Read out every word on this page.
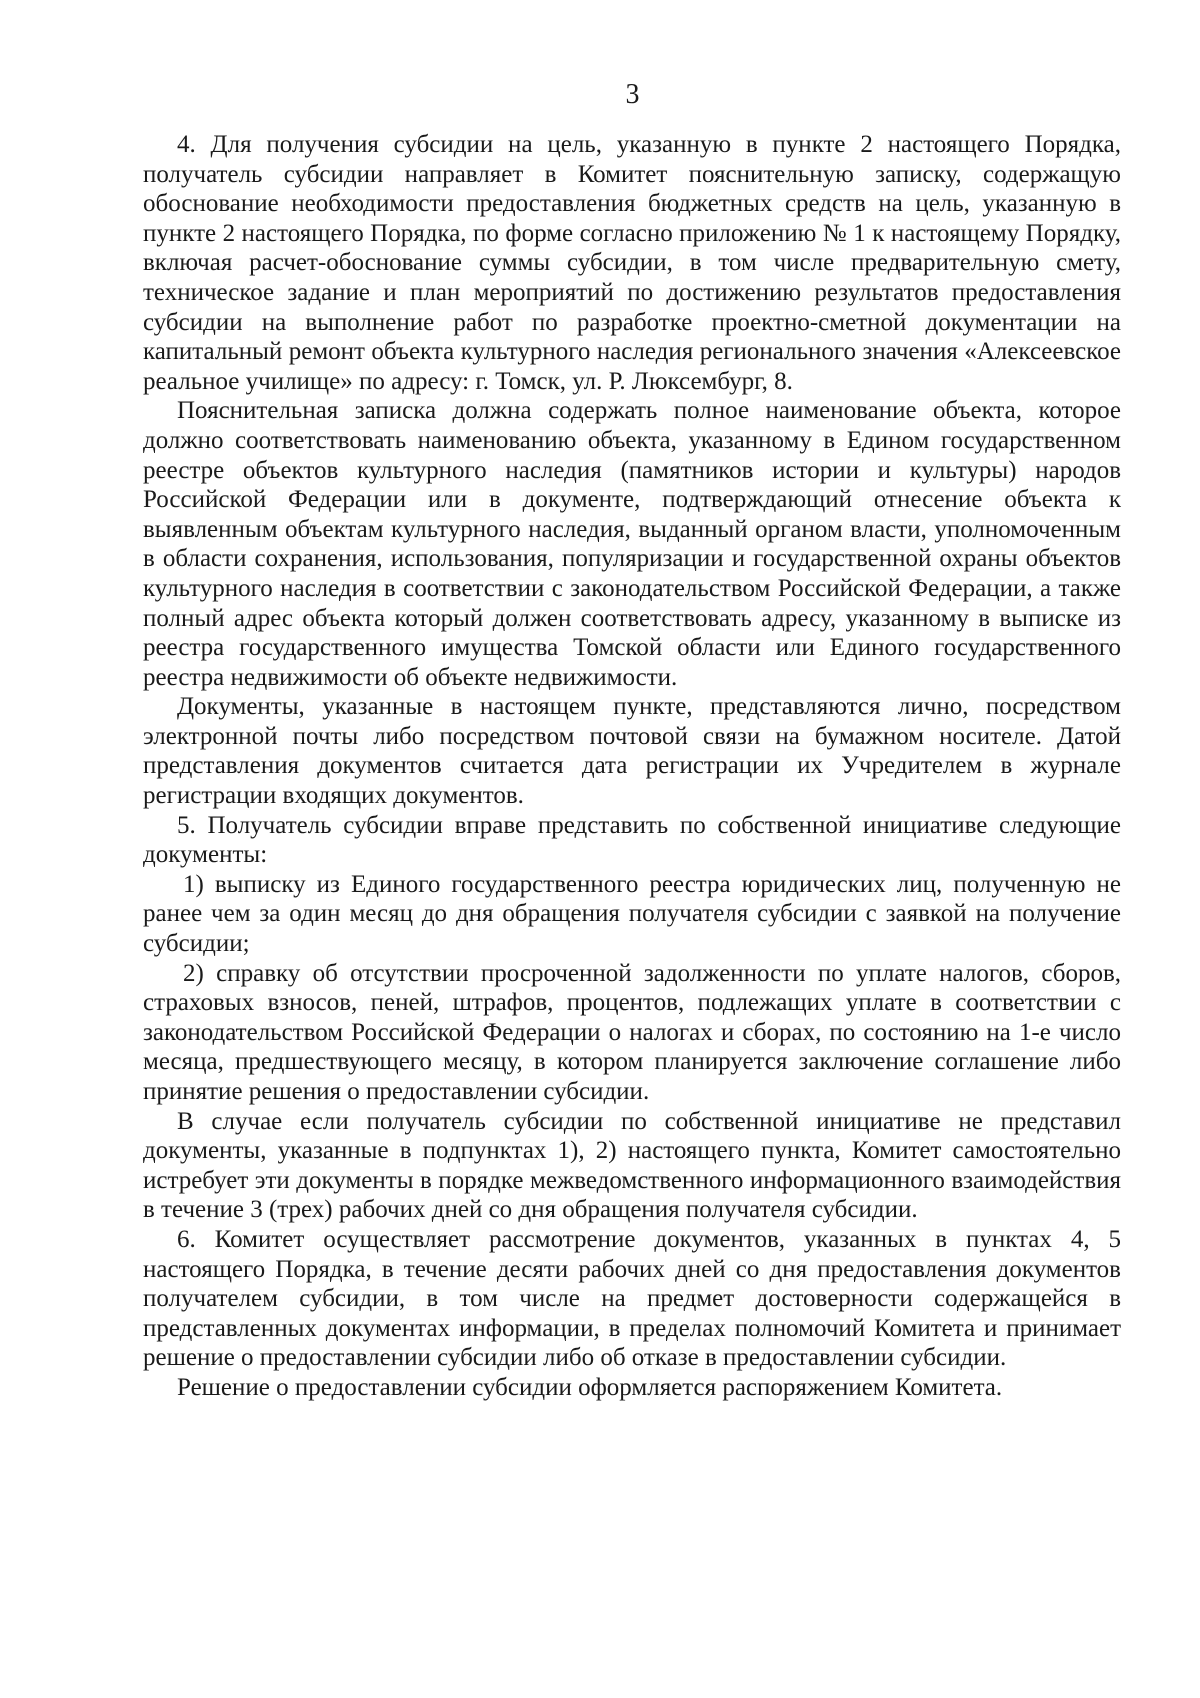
3

4. Для получения субсидии на цель, указанную в пункте 2 настоящего Порядка, получатель субсидии направляет в Комитет пояснительную записку, содержащую обоснование необходимости предоставления бюджетных средств на цель, указанную в пункте 2 настоящего Порядка, по форме согласно приложению № 1 к настоящему Порядку, включая расчет-обоснование суммы субсидии, в том числе предварительную смету, техническое задание и план мероприятий по достижению результатов предоставления субсидии на выполнение работ по разработке проектно-сметной документации на капитальный ремонт объекта культурного наследия регионального значения «Алексеевское реальное училище» по адресу: г. Томск, ул. Р. Люксембург, 8.

Пояснительная записка должна содержать полное наименование объекта, которое должно соответствовать наименованию объекта, указанному в Едином государственном реестре объектов культурного наследия (памятников истории и культуры) народов Российской Федерации или в документе, подтверждающий отнесение объекта к выявленным объектам культурного наследия, выданный органом власти, уполномоченным в области сохранения, использования, популяризации и государственной охраны объектов культурного наследия в соответствии с законодательством Российской Федерации, а также полный адрес объекта который должен соответствовать адресу, указанному в выписке из реестра государственного имущества Томской области или Единого государственного реестра недвижимости об объекте недвижимости.

Документы, указанные в настоящем пункте, представляются лично, посредством электронной почты либо посредством почтовой связи на бумажном носителе. Датой представления документов считается дата регистрации их Учредителем в журнале регистрации входящих документов.

5. Получатель субсидии вправе представить по собственной инициативе следующие документы:

1) выписку из Единого государственного реестра юридических лиц, полученную не ранее чем за один месяц до дня обращения получателя субсидии с заявкой на получение субсидии;

2) справку об отсутствии просроченной задолженности по уплате налогов, сборов, страховых взносов, пеней, штрафов, процентов, подлежащих уплате в соответствии с законодательством Российской Федерации о налогах и сборах, по состоянию на 1-е число месяца, предшествующего месяцу, в котором планируется заключение соглашение либо принятие решения о предоставлении субсидии.

В случае если получатель субсидии по собственной инициативе не представил документы, указанные в подпунктах 1), 2) настоящего пункта, Комитет самостоятельно истребует эти документы в порядке межведомственного информационного взаимодействия в течение 3 (трех) рабочих дней со дня обращения получателя субсидии.

6. Комитет осуществляет рассмотрение документов, указанных в пунктах 4, 5 настоящего Порядка, в течение десяти рабочих дней со дня предоставления документов получателем субсидии, в том числе на предмет достоверности содержащейся в представленных документах информации, в пределах полномочий Комитета и принимает решение о предоставлении субсидии либо об отказе в предоставлении субсидии.

Решение о предоставлении субсидии оформляется распоряжением Комитета.
